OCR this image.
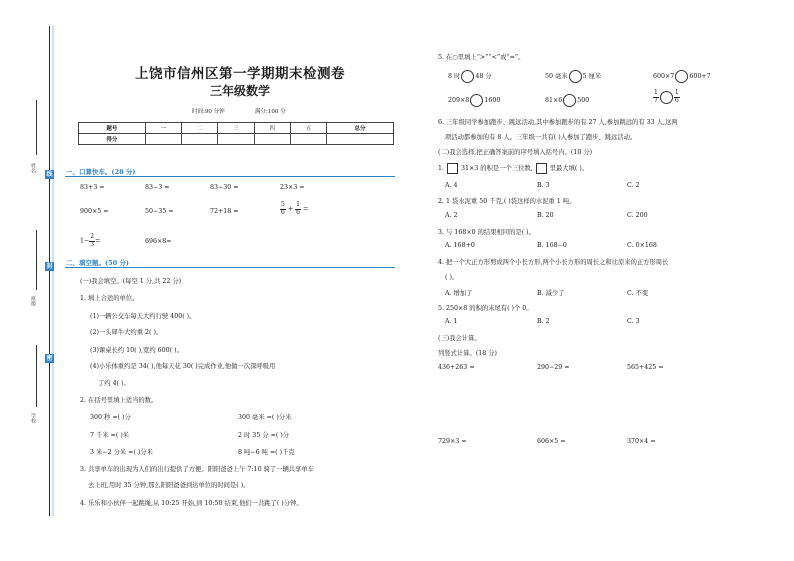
姓名
班级
学校
线
封
密
上饶市信州区第一学期期末检测卷
三年级数学
时间:90 分钟	满分:100 分
题号	一	二	三	四	五	总分
得分						
一、口算快车。(28 分)
83+3 =	83−3 =	83−30 =	23×3 =
900×5 =	50−35 =	72+18 =	$\frac{5}{6} + \frac{1}{6}$ =
$1- \frac{2}{3}$ =	696×8≈
二、填空题。(50 分)
(一)我会填空。(每空 1 分,共 22 分)
1. 填上合适的单位。
(1)一辆公交车每天大约行驶 400( )。
(2)一头犀牛大约重 2( )。
(3)课桌长约 10( ),宽约 600( )。
(4)小乐体重约是 34( ),他每天花 30( )完成作业,他做一次深呼吸用
了约 4( )。
2. 在括号里填上适当的数。
300 秒 =( )分	300 毫米 =( )分米
7 千米 =( )米	2 时 35 分 =( )分
3 米−2 分米 =( )分米	8 吨−6 吨 =( )千克
3. 共享单车的出现为人们的出行提供了方便。阳阳爸爸上午 7:10 骑了一辆共享单车
去上班,用时 35 分钟,那么阳阳爸爸到达单位的时间是( )。
4. 乐乐和小伙伴一起跳绳,从 10:25 开始,到 10:50 结束,他们一共跳了( )分钟。
5. 在○里填上“>”“<”或“=”。
8 时 48 分	50 毫米 5 厘米	600×7 600+7
209×8 1600	81×6 500	$\frac{1}{7}$	$\frac{1}{6}$
6. 三年级同学参加跑步、跳远活动,其中参加跑步的有 27 人,参加跳远的有 33 人,这两
项活动都参加的有 8 人。三年级一共有( )人参加了跑步、跳远活动。
(二)我会选择,把正确答案前的序号填入括号内。(10 分)
1.	31×3 的积是一个三位数,	里最大填( )。
A. 4	B. 3	C. 2
2. 1 袋水泥重 50 千克,( )袋这样的水泥重 1 吨。
A. 2	B. 20	C. 200
3. 与 168×0 的结果相同的是( )。
A. 168+0	B. 168−0	C. 0×168
4. 把一个大正方形剪成两个小长方形,两个小长方形的周长之和比原来的正方形周长
( )。
A. 增加了	B. 减少了	C. 不变
5. 250×8 的积的末尾有( )个 0。
A. 1	B. 2	C. 3
(三)我会计算。
列竖式计算。(18 分)
436+263 =	290−29 =	565+425 =
729×3 =	606×5 =	370×4 =
